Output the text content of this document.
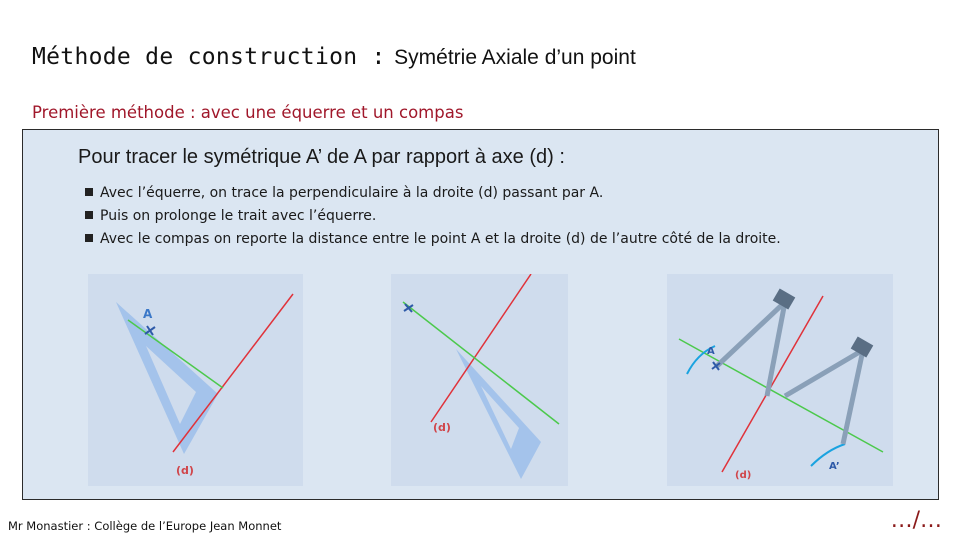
Méthode de construction : Symétrie Axiale d’un point
Première méthode : avec une équerre et un compas
Pour tracer le symétrique A’ de A par rapport à axe (d) :
Avec l’équerre, on trace la perpendiculaire à la droite (d) passant par A.
Puis on prolonge le trait avec l’équerre.
Avec le compas on reporte la distance entre le point A et la droite (d) de l’autre côté de la droite.
A
(d)
(d)
A
A’
(d)
Mr Monastier : Collège de l’Europe Jean Monnet	…/…
